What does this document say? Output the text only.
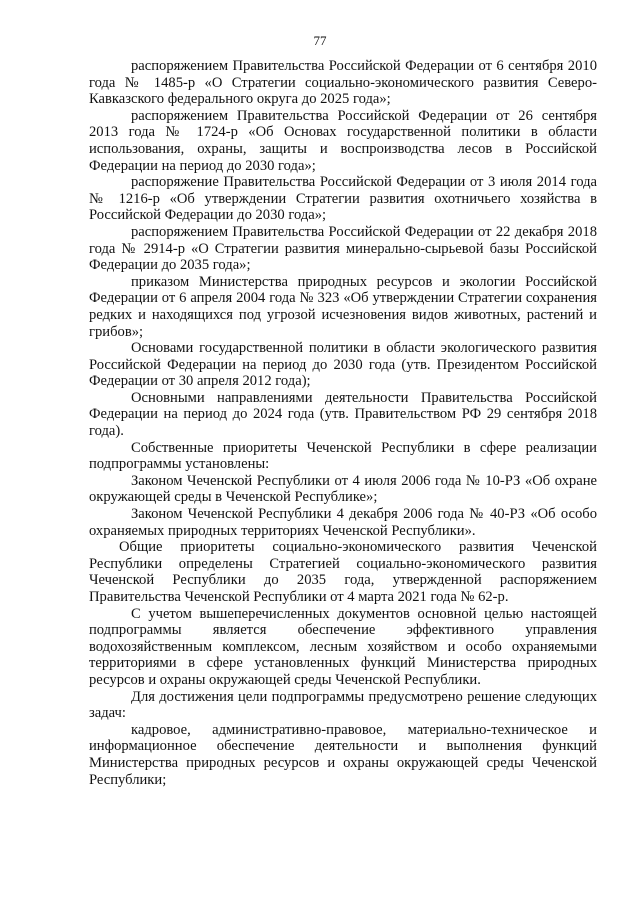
77

распоряжением Правительства Российской Федерации от 6 сентября 2010 года № 1485-р «О Стратегии социально-экономического развития Северо-Кавказского федерального округа до 2025 года»;

распоряжением Правительства Российской Федерации от 26 сентября 2013 года № 1724-р «Об Основах государственной политики в области использования, охраны, защиты и воспроизводства лесов в Российской Федерации на период до 2030 года»;

распоряжение Правительства Российской Федерации от 3 июля 2014 года № 1216-р «Об утверждении Стратегии развития охотничьего хозяйства в Российской Федерации до 2030 года»;

распоряжением Правительства Российской Федерации от 22 декабря 2018 года № 2914-р «О Стратегии развития минерально-сырьевой базы Российской Федерации до 2035 года»;

приказом Министерства природных ресурсов и экологии Российской Федерации от 6 апреля 2004 года № 323 «Об утверждении Стратегии сохранения редких и находящихся под угрозой исчезновения видов животных, растений и грибов»;

Основами государственной политики в области экологического развития Российской Федерации на период до 2030 года (утв. Президентом Российской Федерации от 30 апреля 2012 года);

Основными направлениями деятельности Правительства Российской Федерации на период до 2024 года (утв. Правительством РФ 29 сентября 2018 года).

Собственные приоритеты Чеченской Республики в сфере реализации подпрограммы установлены:

Законом Чеченской Республики от 4 июля 2006 года № 10-РЗ «Об охране окружающей среды в Чеченской Республике»;

Законом Чеченской Республики 4 декабря 2006 года № 40-РЗ «Об особо охраняемых природных территориях Чеченской Республики».

Общие приоритеты социально-экономического развития Чеченской Республики определены Стратегией социально-экономического развития Чеченской Республики до 2035 года, утвержденной распоряжением Правительства Чеченской Республики от 4 марта 2021 года № 62-р.

С учетом вышеперечисленных документов основной целью настоящей подпрограммы является обеспечение эффективного управления водохозяйственным комплексом, лесным хозяйством и особо охраняемыми территориями в сфере установленных функций Министерства природных ресурсов и охраны окружающей среды Чеченской Республики.

Для достижения цели подпрограммы предусмотрено решение следующих задач:

кадровое, административно-правовое, материально-техническое и информационное обеспечение деятельности и выполнения функций Министерства природных ресурсов и охраны окружающей среды Чеченской Республики;
